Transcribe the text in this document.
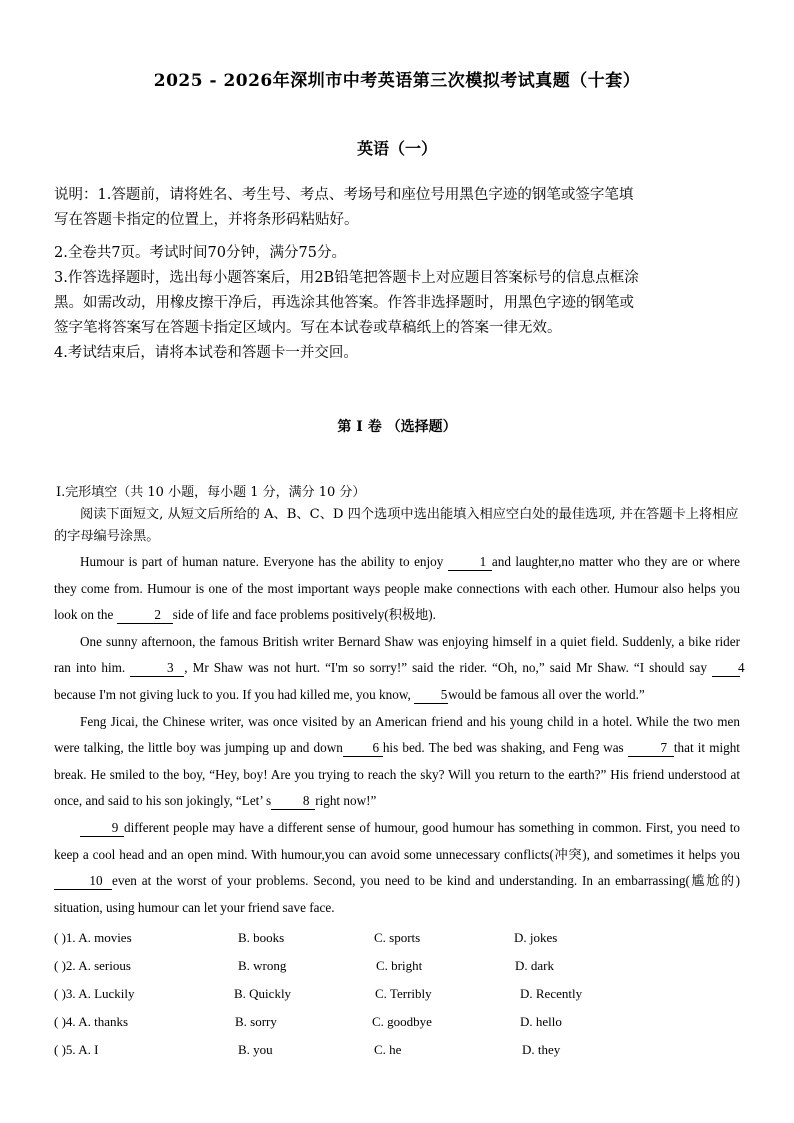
2025 - 2026年深圳市中考英语第三次模拟考试真题（十套）
英语（一）

说明：1.答题前，请将姓名、考生号、考点、考场号和座位号用黑色字迹的钢笔或签字笔填

写在答题卡指定的位置上，并将条形码粘贴好。

2.全卷共7页。考试时间70分钟，满分75分。

3.作答选择题时，选出每小题答案后，用2B铅笔把答题卡上对应题目答案标号的信息点框涂

黑。如需改动，用橡皮擦干净后，再选涂其他答案。作答非选择题时，用黑色字迹的钢笔或

签字笔将答案写在答题卡指定区域内。写在本试卷或草稿纸上的答案一律无效。

4.考试结束后，请将本试卷和答题卡一并交回。

第 I 卷 （选择题）
Ⅰ.完形填空（共 10 小题，每小题 1 分，满分 10 分）
阅读下面短文, 从短文后所给的 A、B、C、D 四个选项中选出能填入相应空白处的最佳选项, 并在答题卡上将相应的字母编号涂黑。

Humour is part of human nature. Everyone has the ability to enjoy 1 and laughter,no matter who they are or where they come from. Humour is one of the most important ways people make connections with each other. Humour also helps you look on the	2 side of life and face problems positively(积极地).

One sunny afternoon, the famous British writer Bernard Shaw was enjoying himself in a quiet field. Suddenly, a bike rider ran into him.	3 , Mr Shaw was not hurt. “I'm so sorry!” said the rider. “Oh, no,” said Mr Shaw. “I should say 4because I'm not giving luck to you. If you had killed me, you know, 5would be famous all over the world.”

Feng Jicai, the Chinese writer, was once visited by an American friend and his young child in a hotel. While the two men were talking, the little boy was jumping up and down 6 his bed. The bed was shaking, and Feng was 7 that it might break. He smiled to the boy, “Hey, boy! Are you trying to reach the sky? Will you return to the earth?” His friend understood at once, and said to his son jokingly, “Let’ s 8 right now!”

9 different people may have a different sense of humour, good humour has something in common. First, you need to keep a cool head and an open mind. With humour,you can avoid some unnecessary conflicts(冲突), and sometimes it helps you10 even at the worst of your problems. Second, you need to be kind and understanding. In an embarrassing(尴尬的) situation, using humour can let your friend save face.

( )1. A. movies	B. books	C. sports	D. jokes
( )2. A. serious	B. wrong	C. bright	D. dark
( )3. A. Luckily	B. Quickly	C. Terribly	D. Recently
( )4. A. thanks	B. sorry	C. goodbye	D. hello
( )5. A. I	B. you	C. he	D. they
